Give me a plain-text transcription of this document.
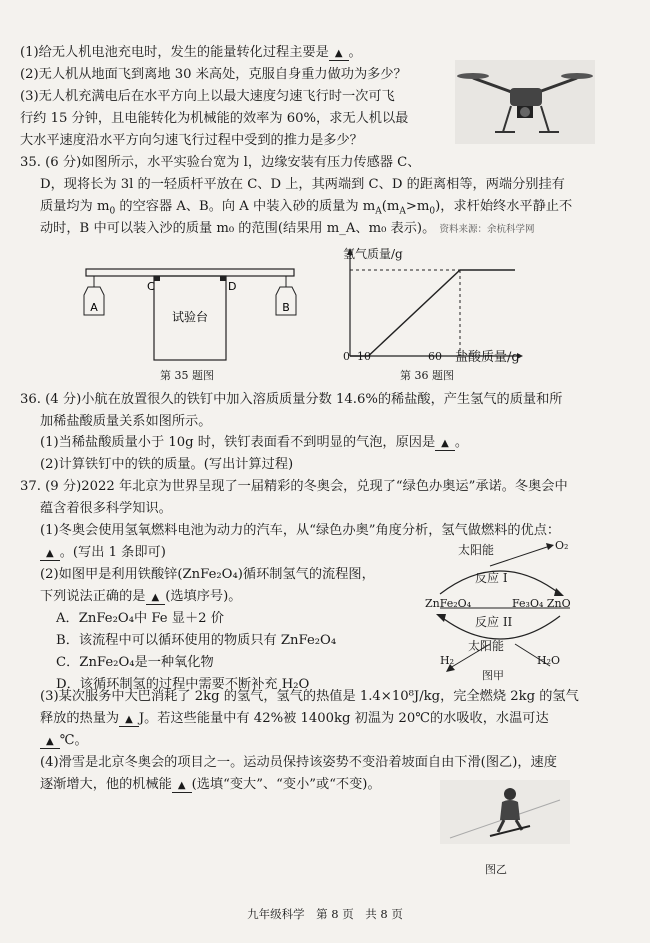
(1)给无人机电池充电时，发生的能量转化过程主要是 ▲ 。
(2)无人机从地面飞到离地 30 米高处，克服自身重力做功为多少？
(3)无人机充满电后在水平方向上以最大速度匀速飞行时一次可飞
行约 15 分钟，且电能转化为机械能的效率为 60%，求无人机以最
大水平速度沿水平方向匀速飞行过程中受到的推力是多少？
35. (6 分)如图所示，水平实验台宽为 l，边缘安装有压力传感器 C、
D，现将长为 3l 的一轻质杆平放在 C、D 上，其两端到 C、D 的距离相等，两端分别挂有
质量均为 $m_0$ 的空容器 A、B。向 A 中装入砂的质量为 $m_A(m_A>m_0)$，求杆始终水平静止不
动时，B 中可以装入沙的质量 m₀ 的范围(结果用 m_A、m₀ 表示)。 资料来源：余杭科学网
A	B
C	D
试验台
第 35 题图
氢气质量/g
0 10	60 盐酸质量/g
第 36 题图
36. (4 分)小航在放置很久的铁钉中加入溶质质量分数 14.6%的稀盐酸，产生氢气的质量和所
加稀盐酸质量关系如图所示。
(1)当稀盐酸质量小于 10g 时，铁钉表面看不到明显的气泡，原因是 ▲ 。
(2)计算铁钉中的铁的质量。(写出计算过程)
37. (9 分)2022 年北京为世界呈现了一届精彩的冬奥会，兑现了“绿色办奥运”承诺。冬奥会中
蕴含着很多科学知识。
(1)冬奥会使用氢氧燃料电池为动力的汽车，从“绿色办奥”角度分析，氢气做燃料的优点：
▲ 。(写出 1 条即可)
(2)如图甲是利用铁酸锌(ZnFe₂O₄)循环制氢气的流程图，
下列说法正确的是 ▲ (选填序号)。
A．ZnFe₂O₄中 Fe 显＋2 价
B．该流程中可以循环使用的物质只有 ZnFe₂O₄
C．ZnFe₂O₄是一种氧化物
D．该循环制氢的过程中需要不断补充 H₂O
太阳能	O₂
反应 I
ZnFe₂O₄	Fe₃O₄ ZnO
反应 II
太阳能
H₂	H₂O
图甲
(3)某次服务中大巴消耗了 2kg 的氢气，氢气的热值是 1.4×10⁸J/kg，完全燃烧 2kg 的氢气
释放的热量为 ▲ J。若这些能量中有 42%被 1400kg 初温为 20℃的水吸收，水温可达
▲ ℃。
(4)滑雪是北京冬奥会的项目之一。运动员保持该姿势不变沿着坡面自由下滑(图乙)，速度
逐渐增大，他的机械能 ▲ (选填“变大”、“变小”或“不变)。
图乙
九年级科学　第 8 页　共 8 页
